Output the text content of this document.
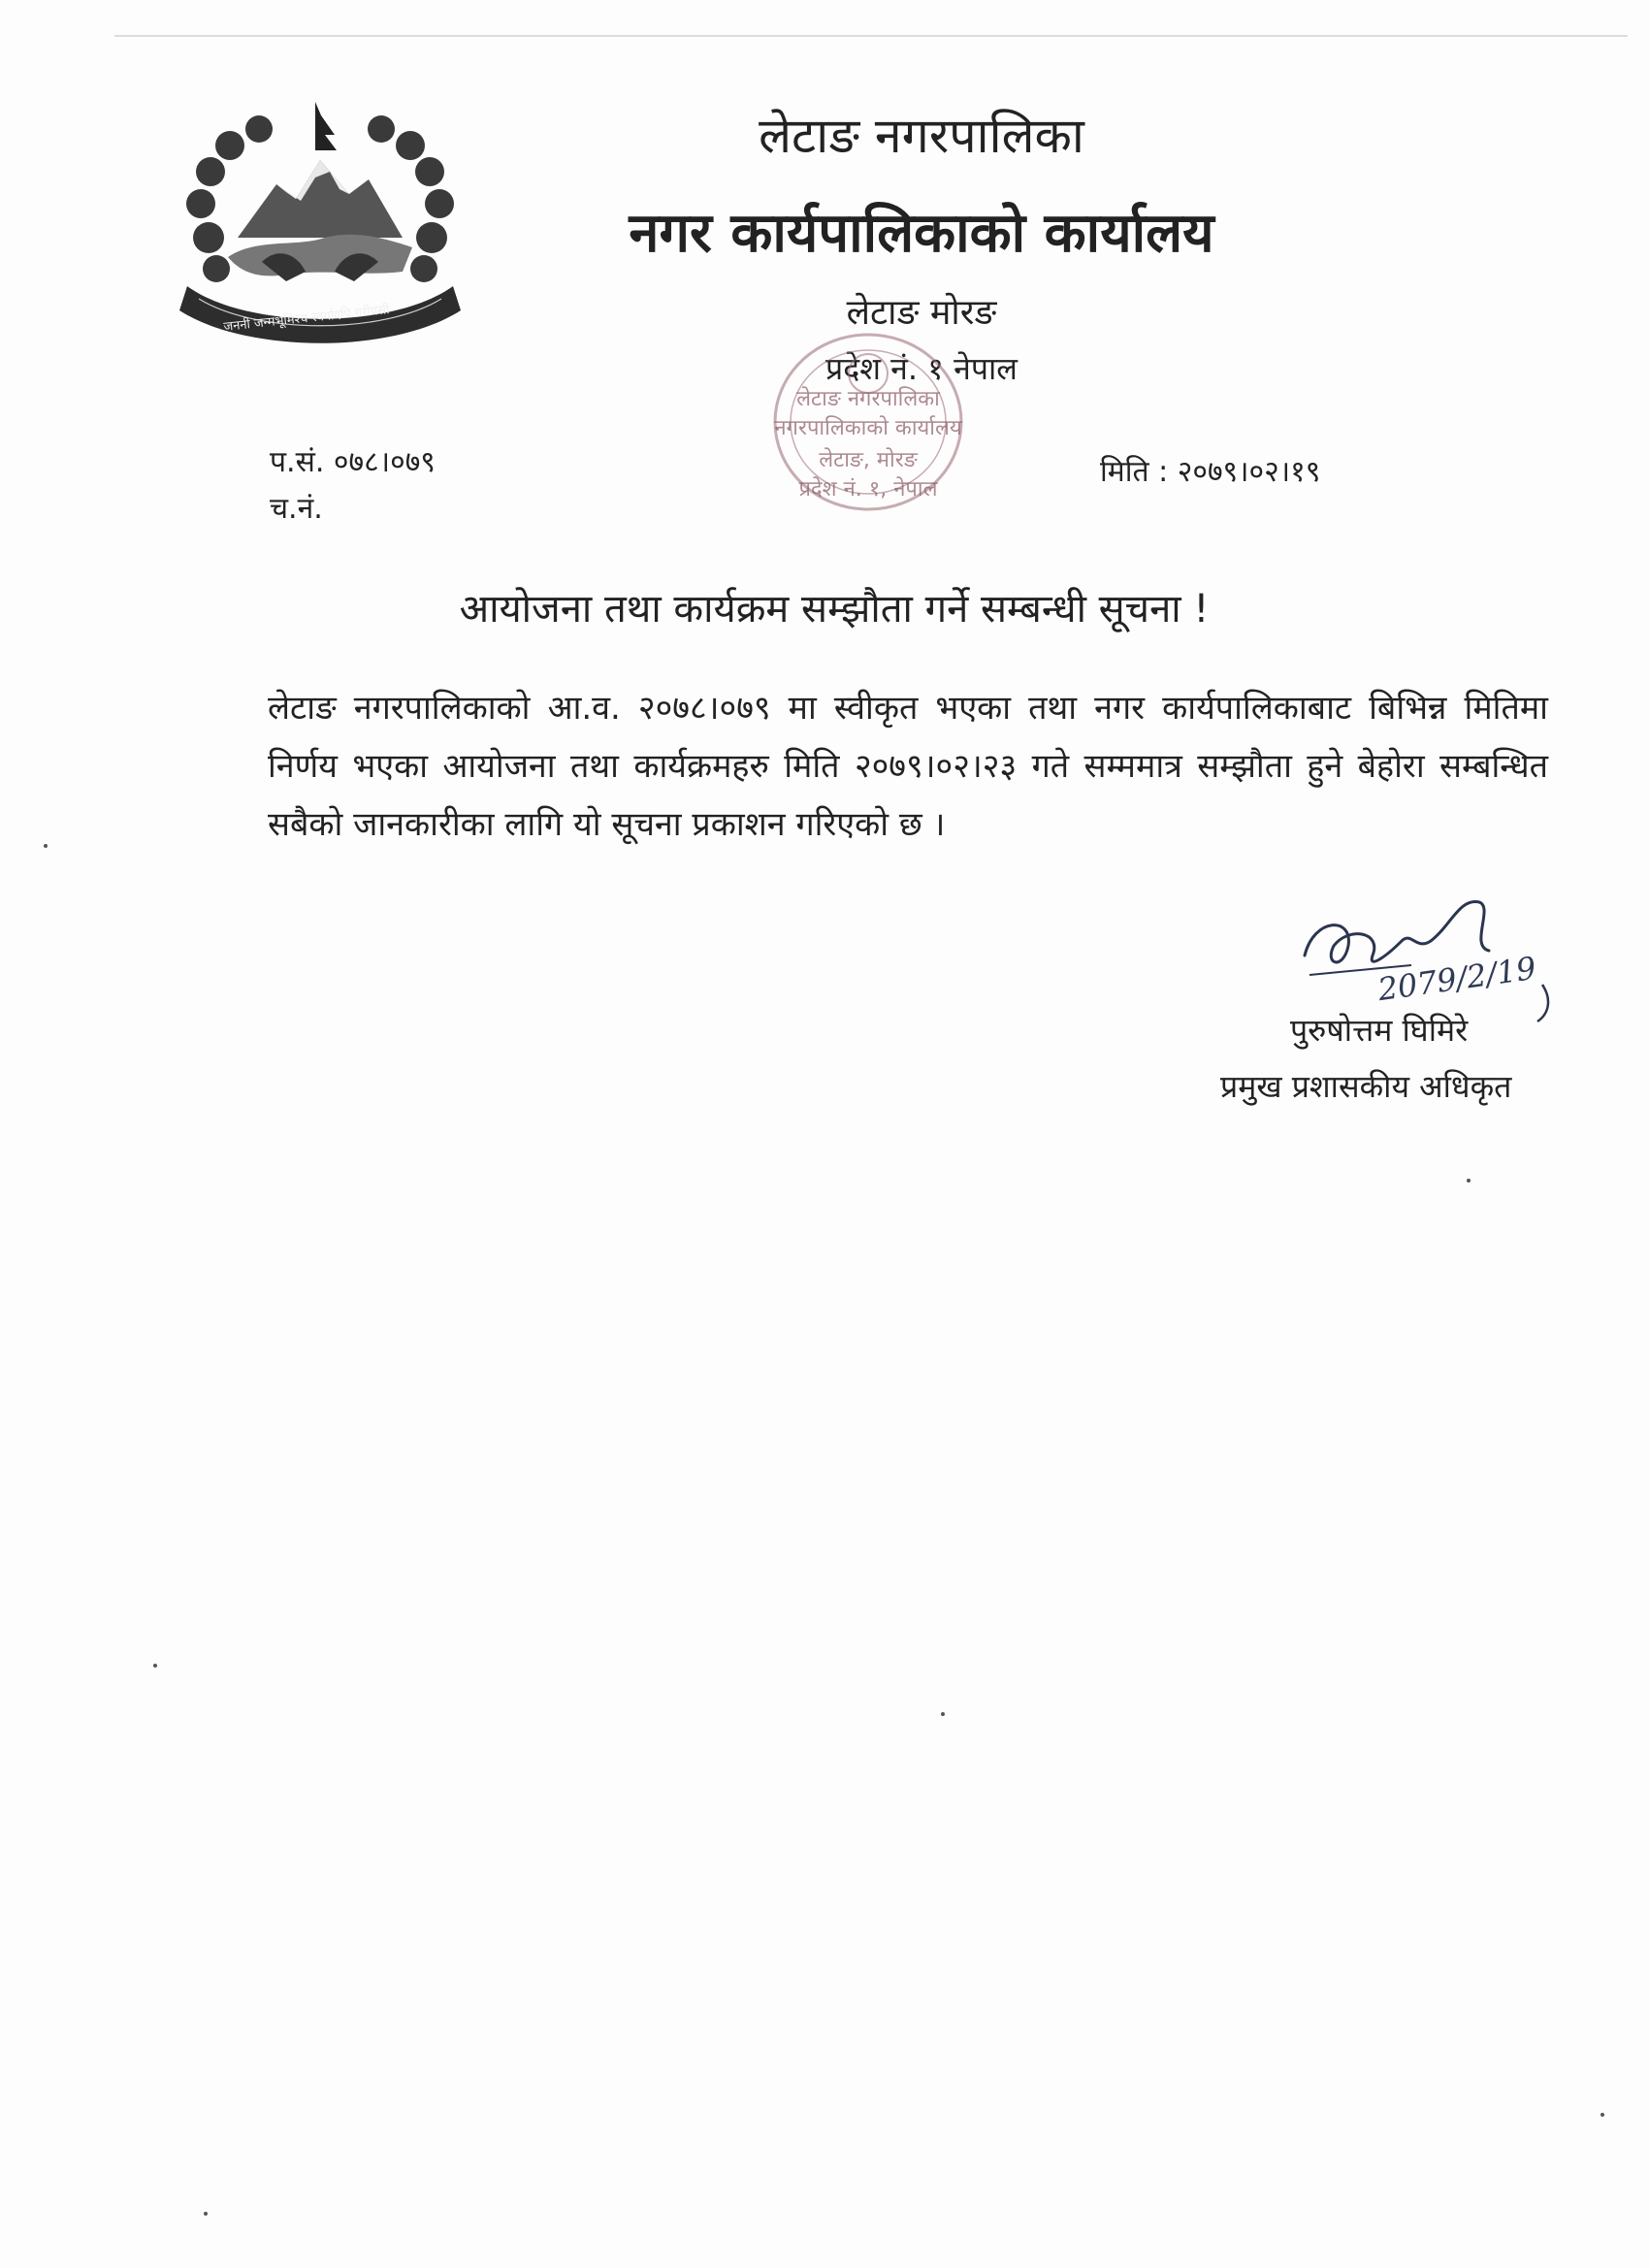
जननी जन्मभूमिश्च स्वर्गादपि गरीयसी
लेटाङ नगरपालिका
नगर कार्यपालिकाको कार्यालय
लेटाङ मोरङ
प्रदेश नं. १ नेपाल
लेटाङ नगरपालिका
नगरपालिकाको कार्यालय
लेटाङ, मोरङ
प्रदेश नं. १, नेपाल
प.सं. ०७८।०७९
च.नं.
मिति : २०७९।०२।१९
आयोजना तथा कार्यक्रम सम्झौता गर्ने सम्बन्धी सूचना !
लेटाङ नगरपालिकाको आ.व. २०७८।०७९ मा स्वीकृत भएका तथा नगर कार्यपालिकाबाट बिभिन्न मितिमा निर्णय भएका आयोजना तथा कार्यक्रमहरु मिति २०७९।०२।२३ गते सम्ममात्र सम्झौता हुने बेहोरा सम्बन्धित सबैको जानकारीका लागि यो सूचना प्रकाशन गरिएको छ ।
2079/2/19
पुरुषोत्तम घिमिरे
प्रमुख प्रशासकीय अधिकृत
